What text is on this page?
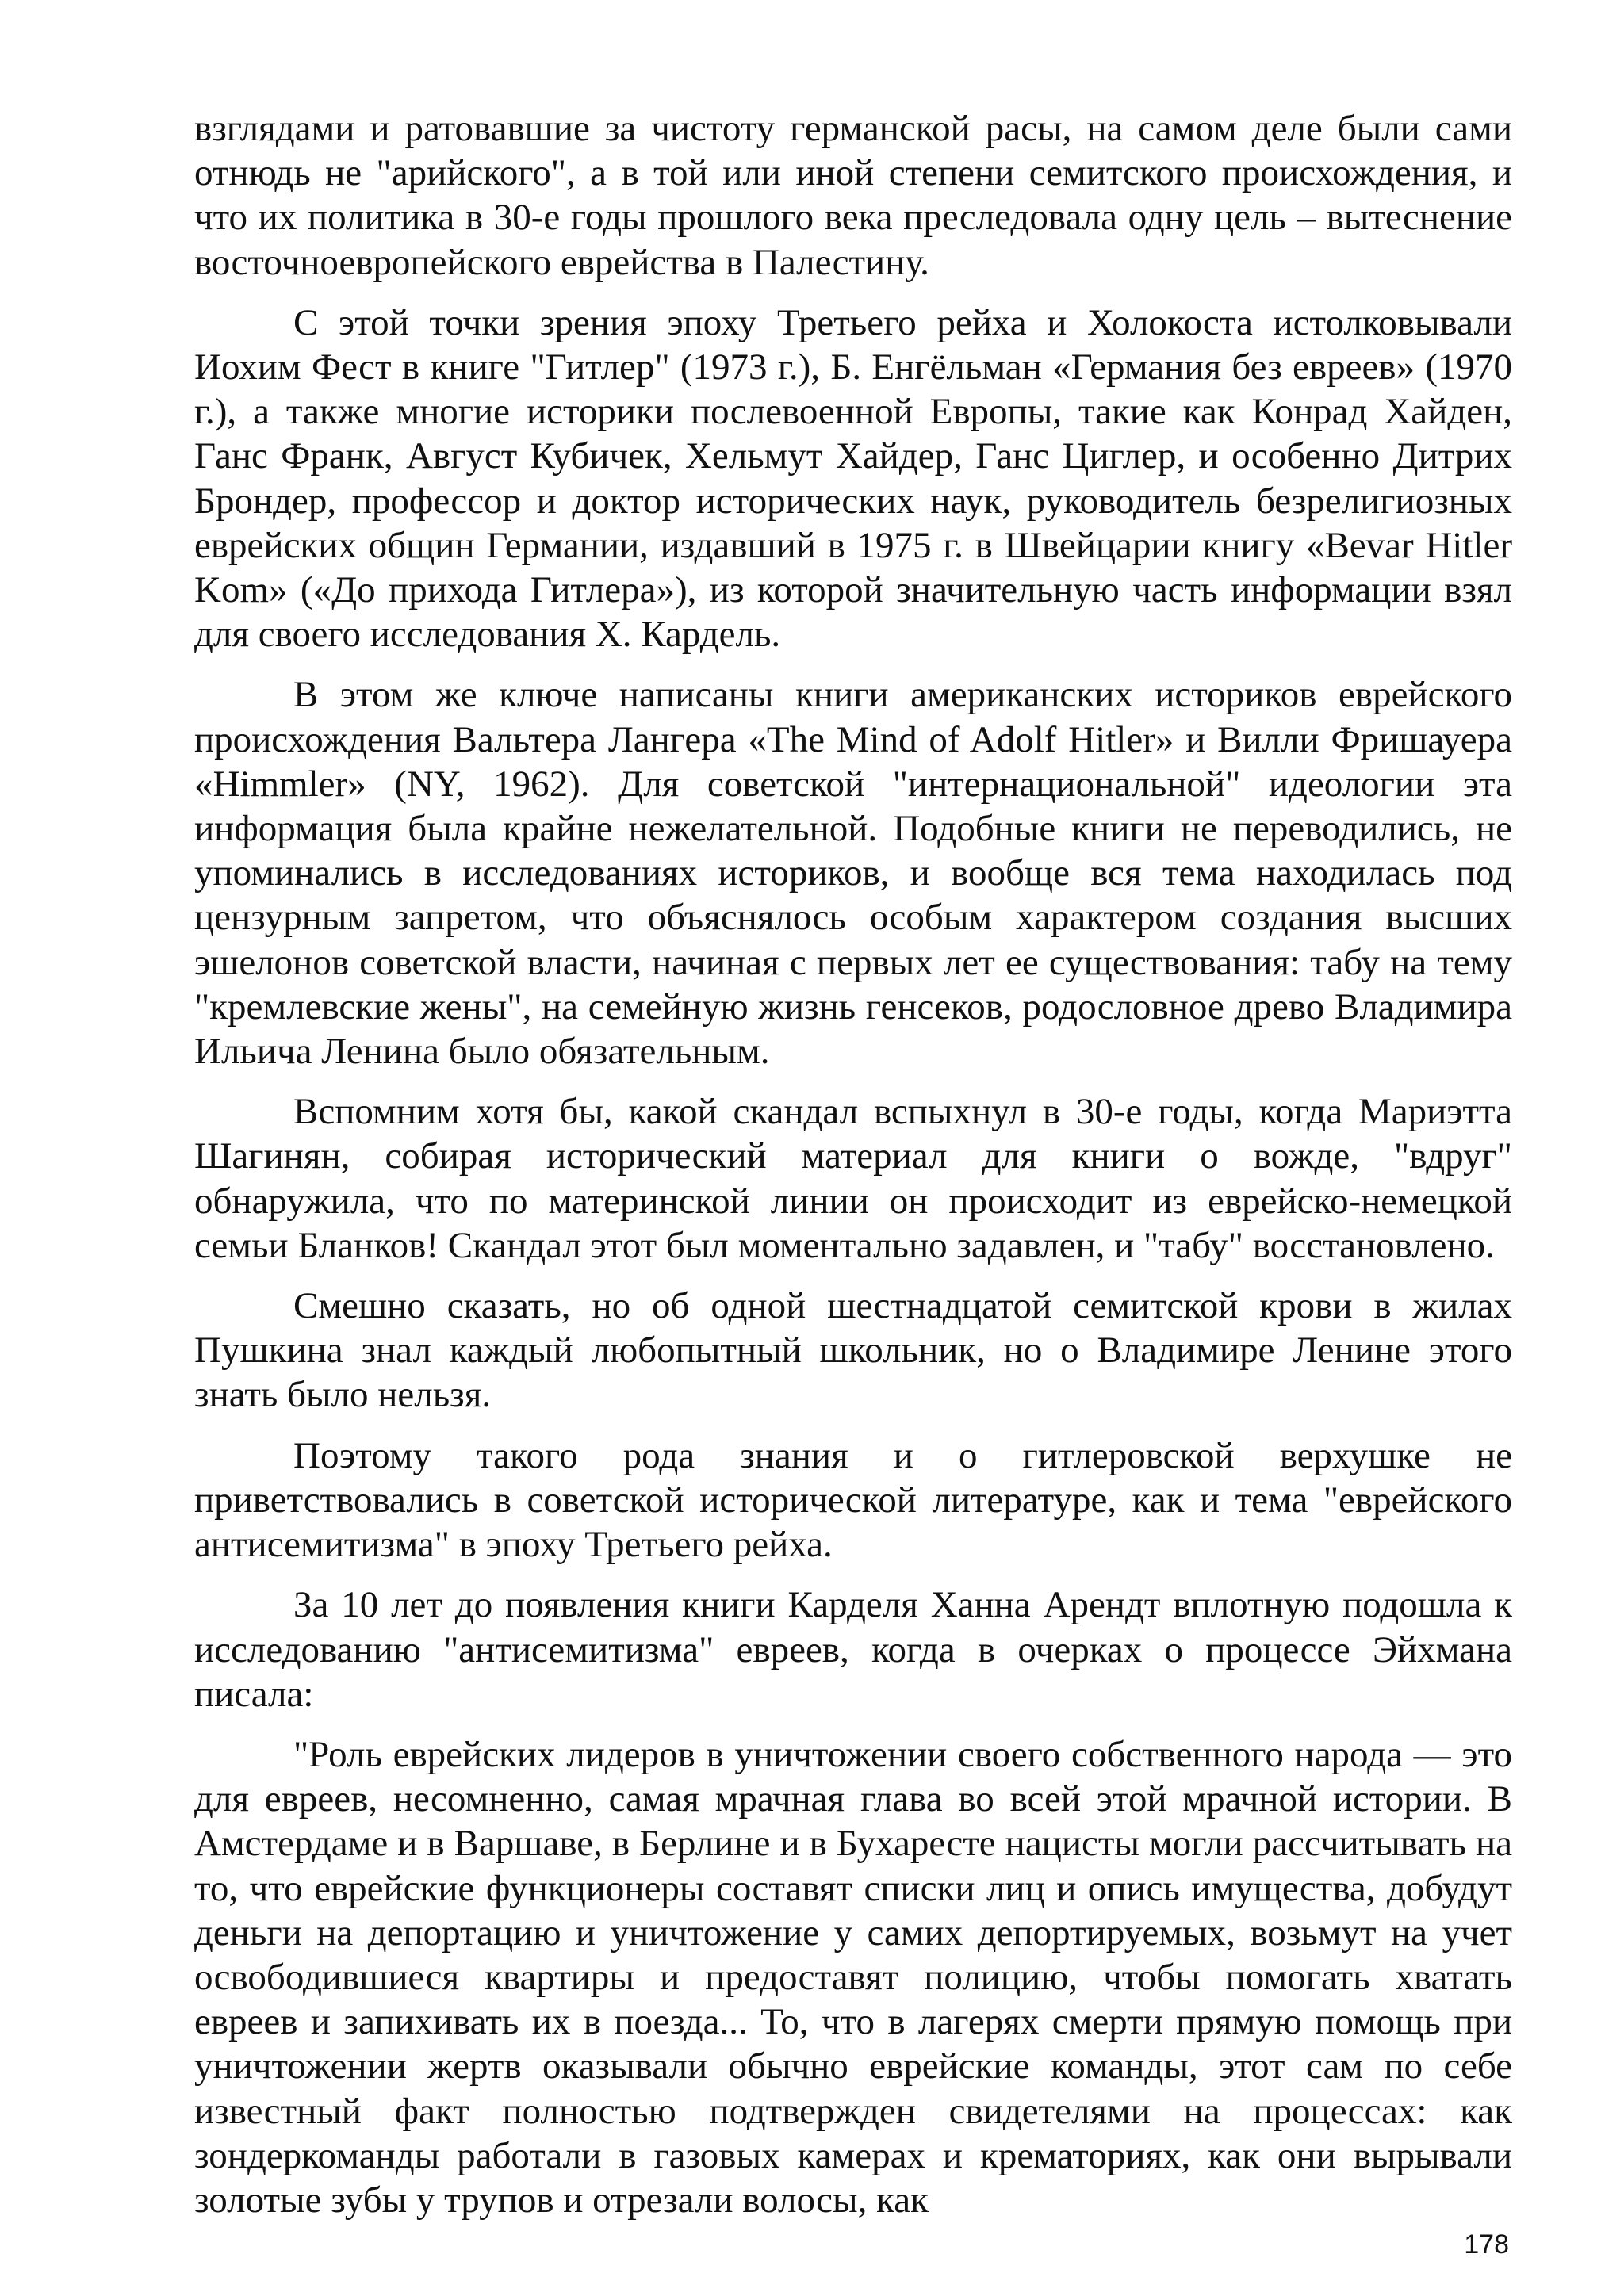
взглядами и ратовавшие за чистоту германской расы, на самом деле были сами отнюдь не "арийского", а в той или иной степени семитского происхождения, и что их политика в 30-е годы прошлого века преследовала одну цель – вытеснение восточноевропейского еврейства в Палестину.

С этой точки зрения эпоху Третьего рейха и Холокоста истолковывали Иохим Фест в книге "Гитлер" (1973 г.), Б. Енгёльман «Германия без евреев» (1970 г.), а также многие историки послевоенной Европы, такие как Конрад Хайден, Ганс Франк, Август Кубичек, Хельмут Хайдер, Ганс Циглер, и особенно Дитрих Брондер, профессор и доктор исторических наук, руководитель безрелигиозных еврейских общин Германии, издавший в 1975 г. в Швейцарии книгу «Bevar Hitler Kom» («До прихода Гитлера»), из которой значительную часть информации взял для своего исследования Х. Кардель.

В этом же ключе написаны книги американских историков еврейского происхождения Вальтера Лангера «The Mind of Adolf Hitler» и Вилли Фришауера «Himmler» (NY, 1962). Для советской "интернациональной" идеологии эта информация была крайне нежелательной. Подобные книги не переводились, не упоминались в исследованиях историков, и вообще вся тема находилась под цензурным запретом, что объяснялось особым характером создания высших эшелонов советской власти, начиная с первых лет ее существования: табу на тему "кремлевские жены", на семейную жизнь генсеков, родословное древо Владимира Ильича Ленина было обязательным.

Вспомним хотя бы, какой скандал вспыхнул в 30-е годы, когда Мариэтта Шагинян, собирая исторический материал для книги о вожде, "вдруг" обнаружила, что по материнской линии он происходит из еврейско-немецкой семьи Бланков! Скандал этот был моментально задавлен, и "табу" восстановлено.

Смешно сказать, но об одной шестнадцатой семитской крови в жилах Пушкина знал каждый любопытный школьник, но о Владимире Ленине этого знать было нельзя.

Поэтому такого рода знания и о гитлеровской верхушке не приветствовались в советской исторической литературе, как и тема "еврейского антисемитизма" в эпоху Третьего рейха.

За 10 лет до появления книги Карделя Ханна Арендт вплотную подошла к исследованию "антисемитизма" евреев, когда в очерках о процессе Эйхмана писала:

"Роль еврейских лидеров в уничтожении своего собственного народа — это для евреев, несомненно, самая мрачная глава во всей этой мрачной истории. В Амстердаме и в Варшаве, в Берлине и в Бухаресте нацисты могли рассчитывать на то, что еврейские функционеры составят списки лиц и опись имущества, добудут деньги на депортацию и уничтожение у самих депортируемых, возьмут на учет освободившиеся квартиры и предоставят полицию, чтобы помогать хватать евреев и запихивать их в поезда... То, что в лагерях смерти прямую помощь при уничтожении жертв оказывали обычно еврейские команды, этот сам по себе известный факт полностью подтвержден свидетелями на процессах: как зондеркоманды работали в газовых камерах и крематориях, как они вырывали золотые зубы у трупов и отрезали волосы, как

178
